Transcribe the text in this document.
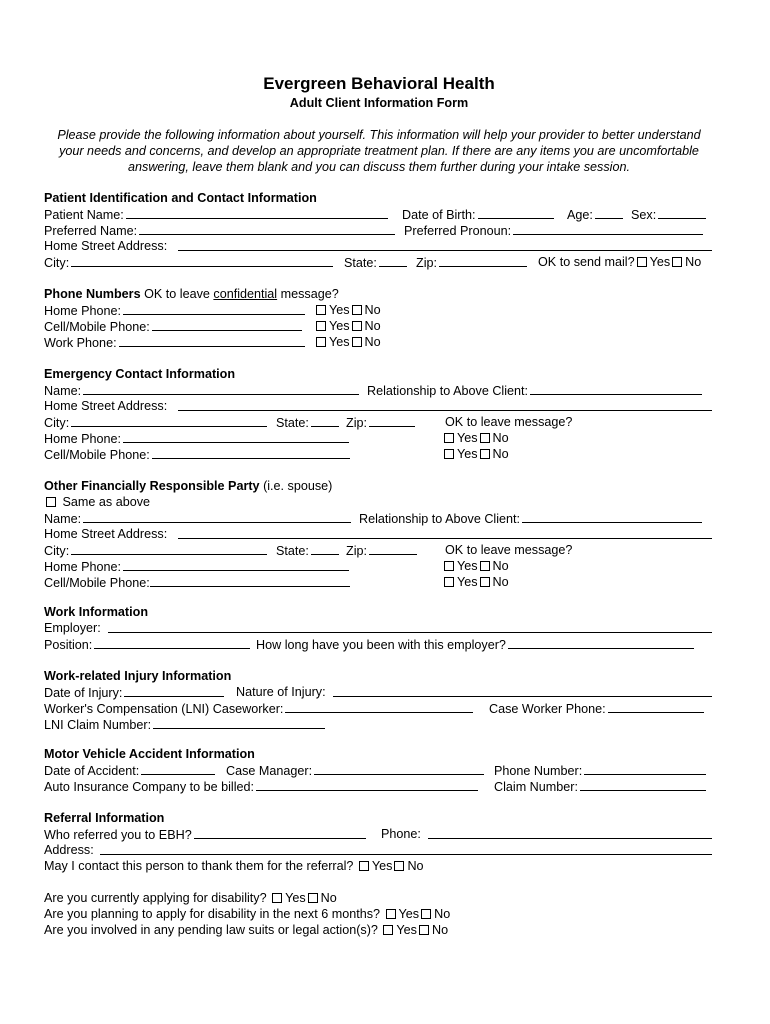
Evergreen Behavioral Health
Adult Client Information Form
Please provide the following information about yourself. This information will help your provider to better understand
your needs and concerns, and develop an appropriate treatment plan. If there are any items you are uncomfortable
answering, leave them blank and you can discuss them further during your intake session.
Patient Identification and Contact Information
Patient Name:	Date of Birth:	Age:	Sex:
Preferred Name:	Preferred Pronoun:
Home Street Address:
City:	State:	Zip:	OK to send mail? Yes No
Phone Numbers OK to leave confidential message?
Home Phone:	Yes No
Cell/Mobile Phone:	Yes No
Work Phone:	Yes No
Emergency Contact Information
Name:	Relationship to Above Client:
Home Street Address:
City:	State:	Zip:	OK to leave message?
Home Phone:	Yes No
Cell/Mobile Phone:	Yes No
Other Financially Responsible Party (i.e. spouse)
Same as above
Name:	Relationship to Above Client:
Home Street Address:
City:	State:	Zip:	OK to leave message?
Home Phone:	Yes No
Cell/Mobile Phone:	Yes No
Work Information
Employer:
Position:	How long have you been with this employer?
Work-related Injury Information
Date of Injury:	Nature of Injury:
Worker's Compensation (LNI) Caseworker:	Case Worker Phone:
LNI Claim Number:
Motor Vehicle Accident Information
Date of Accident:	Case Manager:	Phone Number:
Auto Insurance Company to be billed:	Claim Number:
Referral Information
Who referred you to EBH?	Phone:
Address:
May I contact this person to thank them for the referral? Yes No
Are you currently applying for disability? Yes No
Are you planning to apply for disability in the next 6 months? Yes No
Are you involved in any pending law suits or legal action(s)? Yes No
